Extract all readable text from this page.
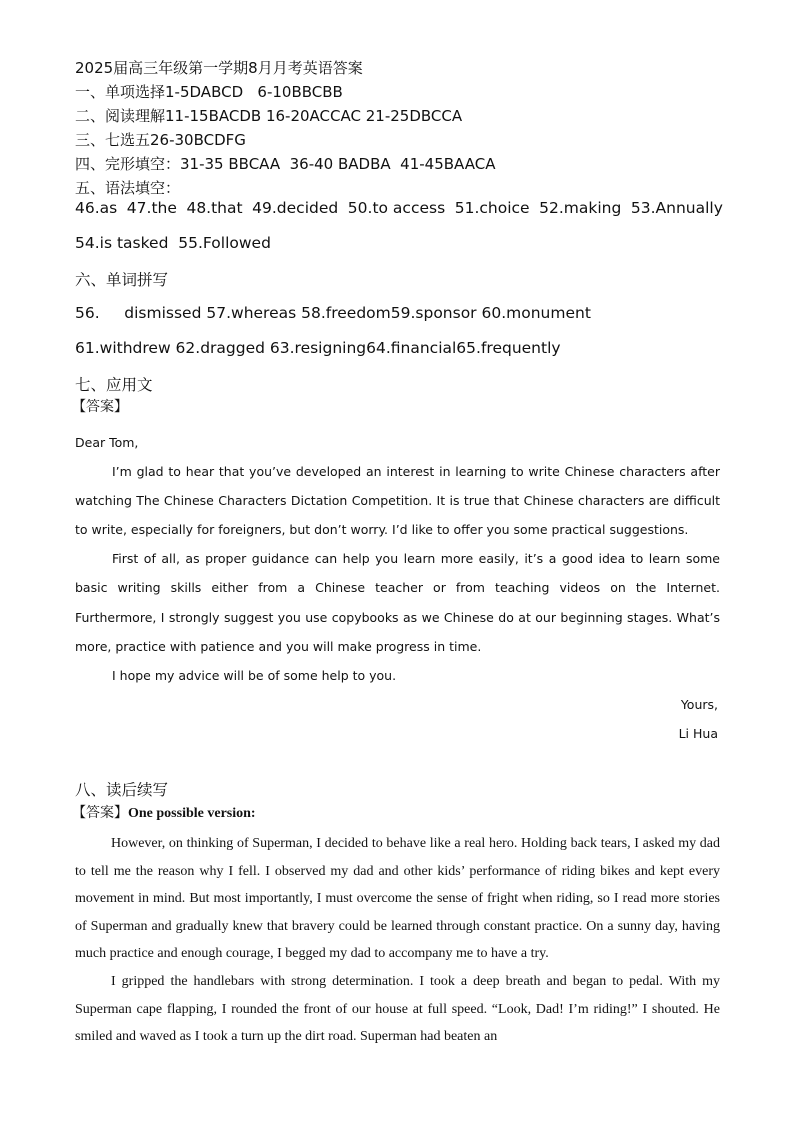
2025届高三年级第一学期8月月考英语答案
一、单项选择1-5DABCD   6-10BBCBB
二、阅读理解11-15BACDB 16-20ACCAC 21-25DBCCA
三、七选五26-30BCDFG
四、完形填空：31-35 BBCAA  36-40 BADBA  41-45BAACA
五、语法填空：
46.as 47.the 48.that 49.decided 50.to access 51.choice 52.making 53.Annually
54.is tasked  55.Followed
六、单词拼写
56.     dismissed 57.whereas 58.freedom59.sponsor 60.monument
61.withdrew 62.dragged 63.resigning64.financial65.frequently
七、应用文
【答案】

Dear Tom,

I’m glad to hear that you’ve developed an interest in learning to write Chinese characters after watching The Chinese Characters Dictation Competition. It is true that Chinese characters are difficult to write, especially for foreigners, but don’t worry. I’d like to offer you some practical suggestions.

First of all, as proper guidance can help you learn more easily, it’s a good idea to learn some basic writing skills either from a Chinese teacher or from teaching videos on the Internet. Furthermore, I strongly suggest you use copybooks as we Chinese do at our beginning stages. What’s more, practice with patience and you will make progress in time.

I hope my advice will be of some help to you.

Yours,

Li Hua

八、读后续写
【答案】One possible version:

However, on thinking of Superman, I decided to behave like a real hero. Holding back tears, I asked my dad to tell me the reason why I fell. I observed my dad and other kids’ performance of riding bikes and kept every movement in mind. But most importantly, I must overcome the sense of fright when riding, so I read more stories of Superman and gradually knew that bravery could be learned through constant practice. On a sunny day, having much practice and enough courage, I begged my dad to accompany me to have a try.

I gripped the handlebars with strong determination. I took a deep breath and began to pedal. With my Superman cape flapping, I rounded the front of our house at full speed. “Look, Dad! I’m riding!” I shouted. He smiled and waved as I took a turn up the dirt road. Superman had beaten an
